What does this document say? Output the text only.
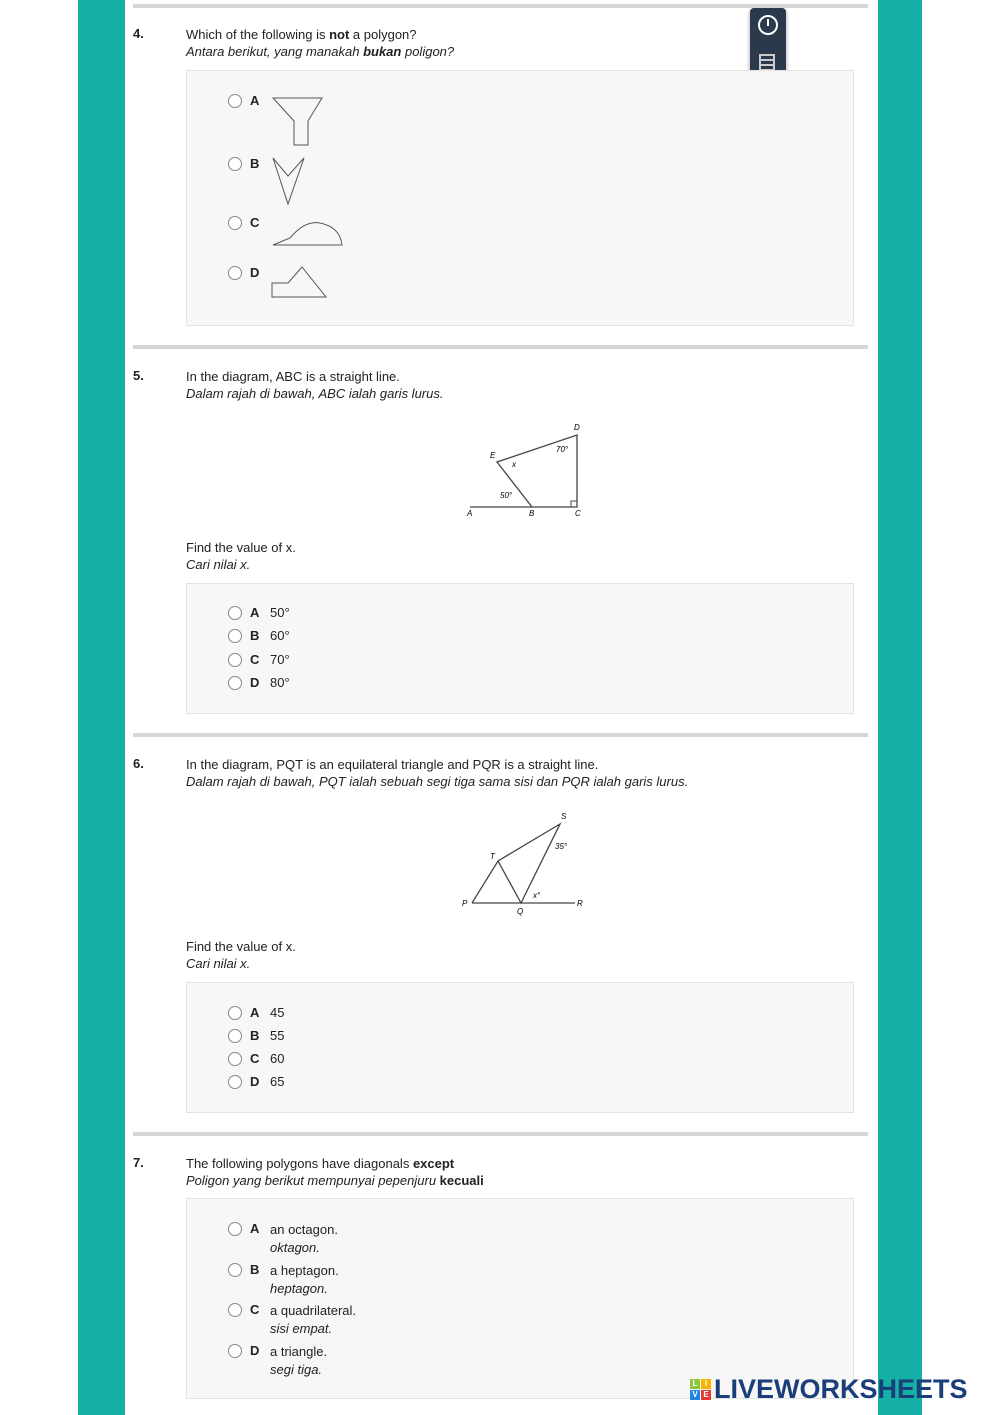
4.	Which of the following is not a polygon?
Antara berikut, yang manakah bukan poligon?
A
B
C
D
5.	In the diagram, ABC is a straight line.
Dalam rajah di bawah, ABC ialah garis lurus.
A	B	C
D
E
x
70°
50°
Find the value of x.
Cari nilai x.
A 50°
B 60°
C 70°
D 80°
6.	In the diagram, PQT is an equilateral triangle and PQR is a straight line.
Dalam rajah di bawah, PQT ialah sebuah segi tiga sama sisi dan PQR ialah garis lurus.
P
Q
R
S
T
35°
x°
Find the value of x.
Cari nilai x.
A 45
B 55
C 60
D 65
7.	The following polygons have diagonals except
Poligon yang berikut mempunyai pepenjuru kecuali
A an octagon.
oktagon.
B a heptagon.
heptagon.
C a quadrilateral.
sisi empat.
D a triangle.
segi tiga.
L I
V E LIVEWORKSHEETS
